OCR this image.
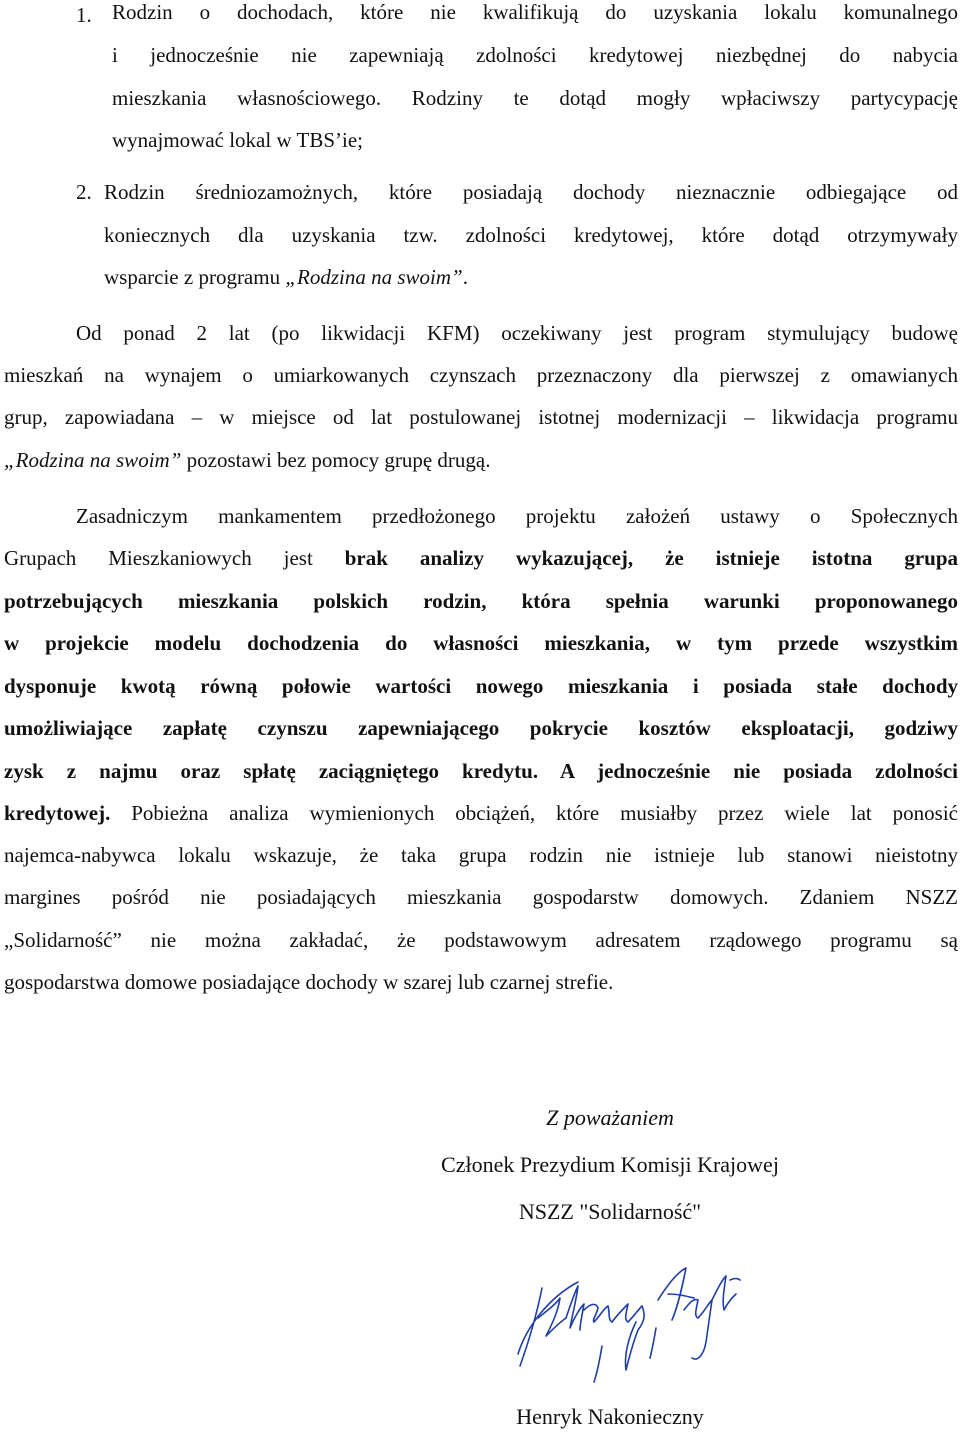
1. Rodzin o dochodach, które nie kwalifikują do uzyskania lokalu komunalnego
i jednocześnie nie zapewniają zdolności kredytowej niezbędnej do nabycia
mieszkania własnościowego. Rodziny te dotąd mogły wpłaciwszy partycypację
wynajmować lokal w TBS’ie;
2. Rodzin średniozamożnych, które posiadają dochody nieznacznie odbiegające od
koniecznych dla uzyskania tzw. zdolności kredytowej, które dotąd otrzymywały
wsparcie z programu „Rodzina na swoim”.
Od ponad 2 lat (po likwidacji KFM) oczekiwany jest program stymulujący budowę
mieszkań na wynajem o umiarkowanych czynszach przeznaczony dla pierwszej z omawianych
grup, zapowiadana – w miejsce od lat postulowanej istotnej modernizacji – likwidacja programu
„Rodzina na swoim” pozostawi bez pomocy grupę drugą.
Zasadniczym mankamentem przedłożonego projektu założeń ustawy o Społecznych
Grupach Mieszkaniowych jest brak analizy wykazującej, że istnieje istotna grupa
potrzebujących mieszkania polskich rodzin, która spełnia warunki proponowanego
w projekcie modelu dochodzenia do własności mieszkania, w tym przede wszystkim
dysponuje kwotą równą połowie wartości nowego mieszkania i posiada stałe dochody
umożliwiające zapłatę czynszu zapewniającego pokrycie kosztów eksploatacji, godziwy
zysk z najmu oraz spłatę zaciągniętego kredytu. A jednocześnie nie posiada zdolności
kredytowej. Pobieżna analiza wymienionych obciążeń, które musiałby przez wiele lat ponosić
najemca-nabywca lokalu wskazuje, że taka grupa rodzin nie istnieje lub stanowi nieistotny
margines pośród nie posiadających mieszkania gospodarstw domowych. Zdaniem NSZZ
„Solidarność” nie można zakładać, że podstawowym adresatem rządowego programu są
gospodarstwa domowe posiadające dochody w szarej lub czarnej strefie.
Z poważaniem
Członek Prezydium Komisji Krajowej
NSZZ "Solidarność"
Henryk Nakonieczny
